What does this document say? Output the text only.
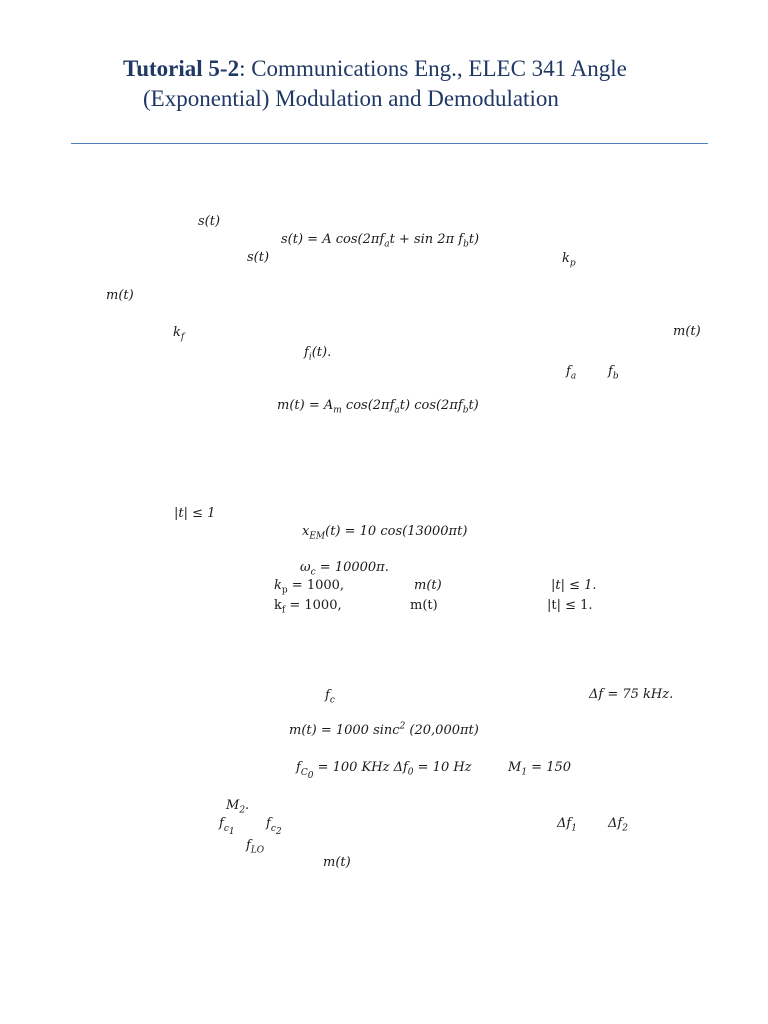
Tutorial 5-2: Communications Eng., ELEC 341 Angle
(Exponential) Modulation and Demodulation
s(t)
s(t) = A $\cos(2\pi f_at + \sin 2\pi$ $f_bt$)
s(t)	$k_p$
m(t)
$k_f$	m(t)
$f_i(t)$.
$f_a$ $f_b$
$m(t) = A_m$ $\cos(2\pi f_at)$ $\cos(2\pi f_bt)$
|t| ≤ 1
$x_{EM}(t) = 10$ cos(13000πt)
$\omega_c = 10000\pi$.
$k_p = 1000$,	m(t)	|t| ≤ 1.
$k_f = 1000$,	m(t)	|t| ≤ 1.
$f_c$	Δf = 75 kHz.
m(t) = 1000 sinc$^2$ (20,000πt)
$f_{C_0} = 100$ KHz $\Delta f_0 = 10$ Hz	$M_1 = 150$
$M_2$.
$f_{c_1}$
$f_{c_2}$
$\Delta f_1$ $\Delta f_2$
$f_{LO}$
m(t)
